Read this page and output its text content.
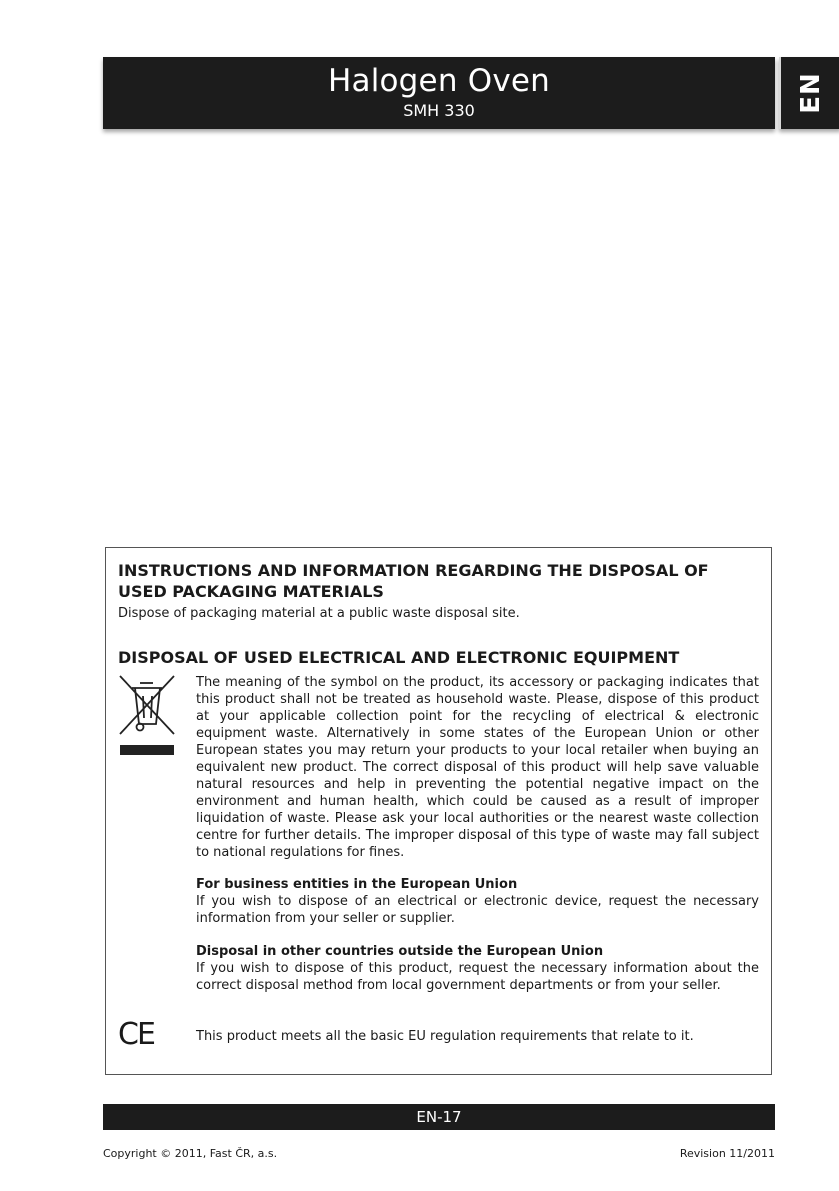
Halogen Oven
SMH 330	EN
INSTRUCTIONS AND INFORMATION REGARDING THE DISPOSAL OF USED PACKAGING MATERIALS

Dispose of packaging material at a public waste disposal site.

DISPOSAL OF USED ELECTRICAL AND ELECTRONIC EQUIPMENT

The meaning of the symbol on the product, its accessory or packaging indicates that this product shall not be treated as household waste. Please, dispose of this product at your applicable collection point for the recycling of electrical & electronic equipment waste. Alternatively in some states of the European Union or other European states you may return your products to your local retailer when buying an equivalent new product. The correct disposal of this product will help save valuable natural resources and help in preventing the potential negative impact on the environment and human health, which could be caused as a result of improper liquidation of waste. Please ask your local authorities or the nearest waste collection centre for further details. The improper disposal of this type of waste may fall subject to national regulations for fines.

For business entities in the European Union

If you wish to dispose of an electrical or electronic device, request the necessary information from your seller or supplier.

Disposal in other countries outside the European Union

If you wish to dispose of this product, request the necessary information about the correct disposal method from local government departments or from your seller.

CE	This product meets all the basic EU regulation requirements that relate to it.

EN-17
Copyright © 2011, Fast ČR, a.s.	Revision 11/2011
